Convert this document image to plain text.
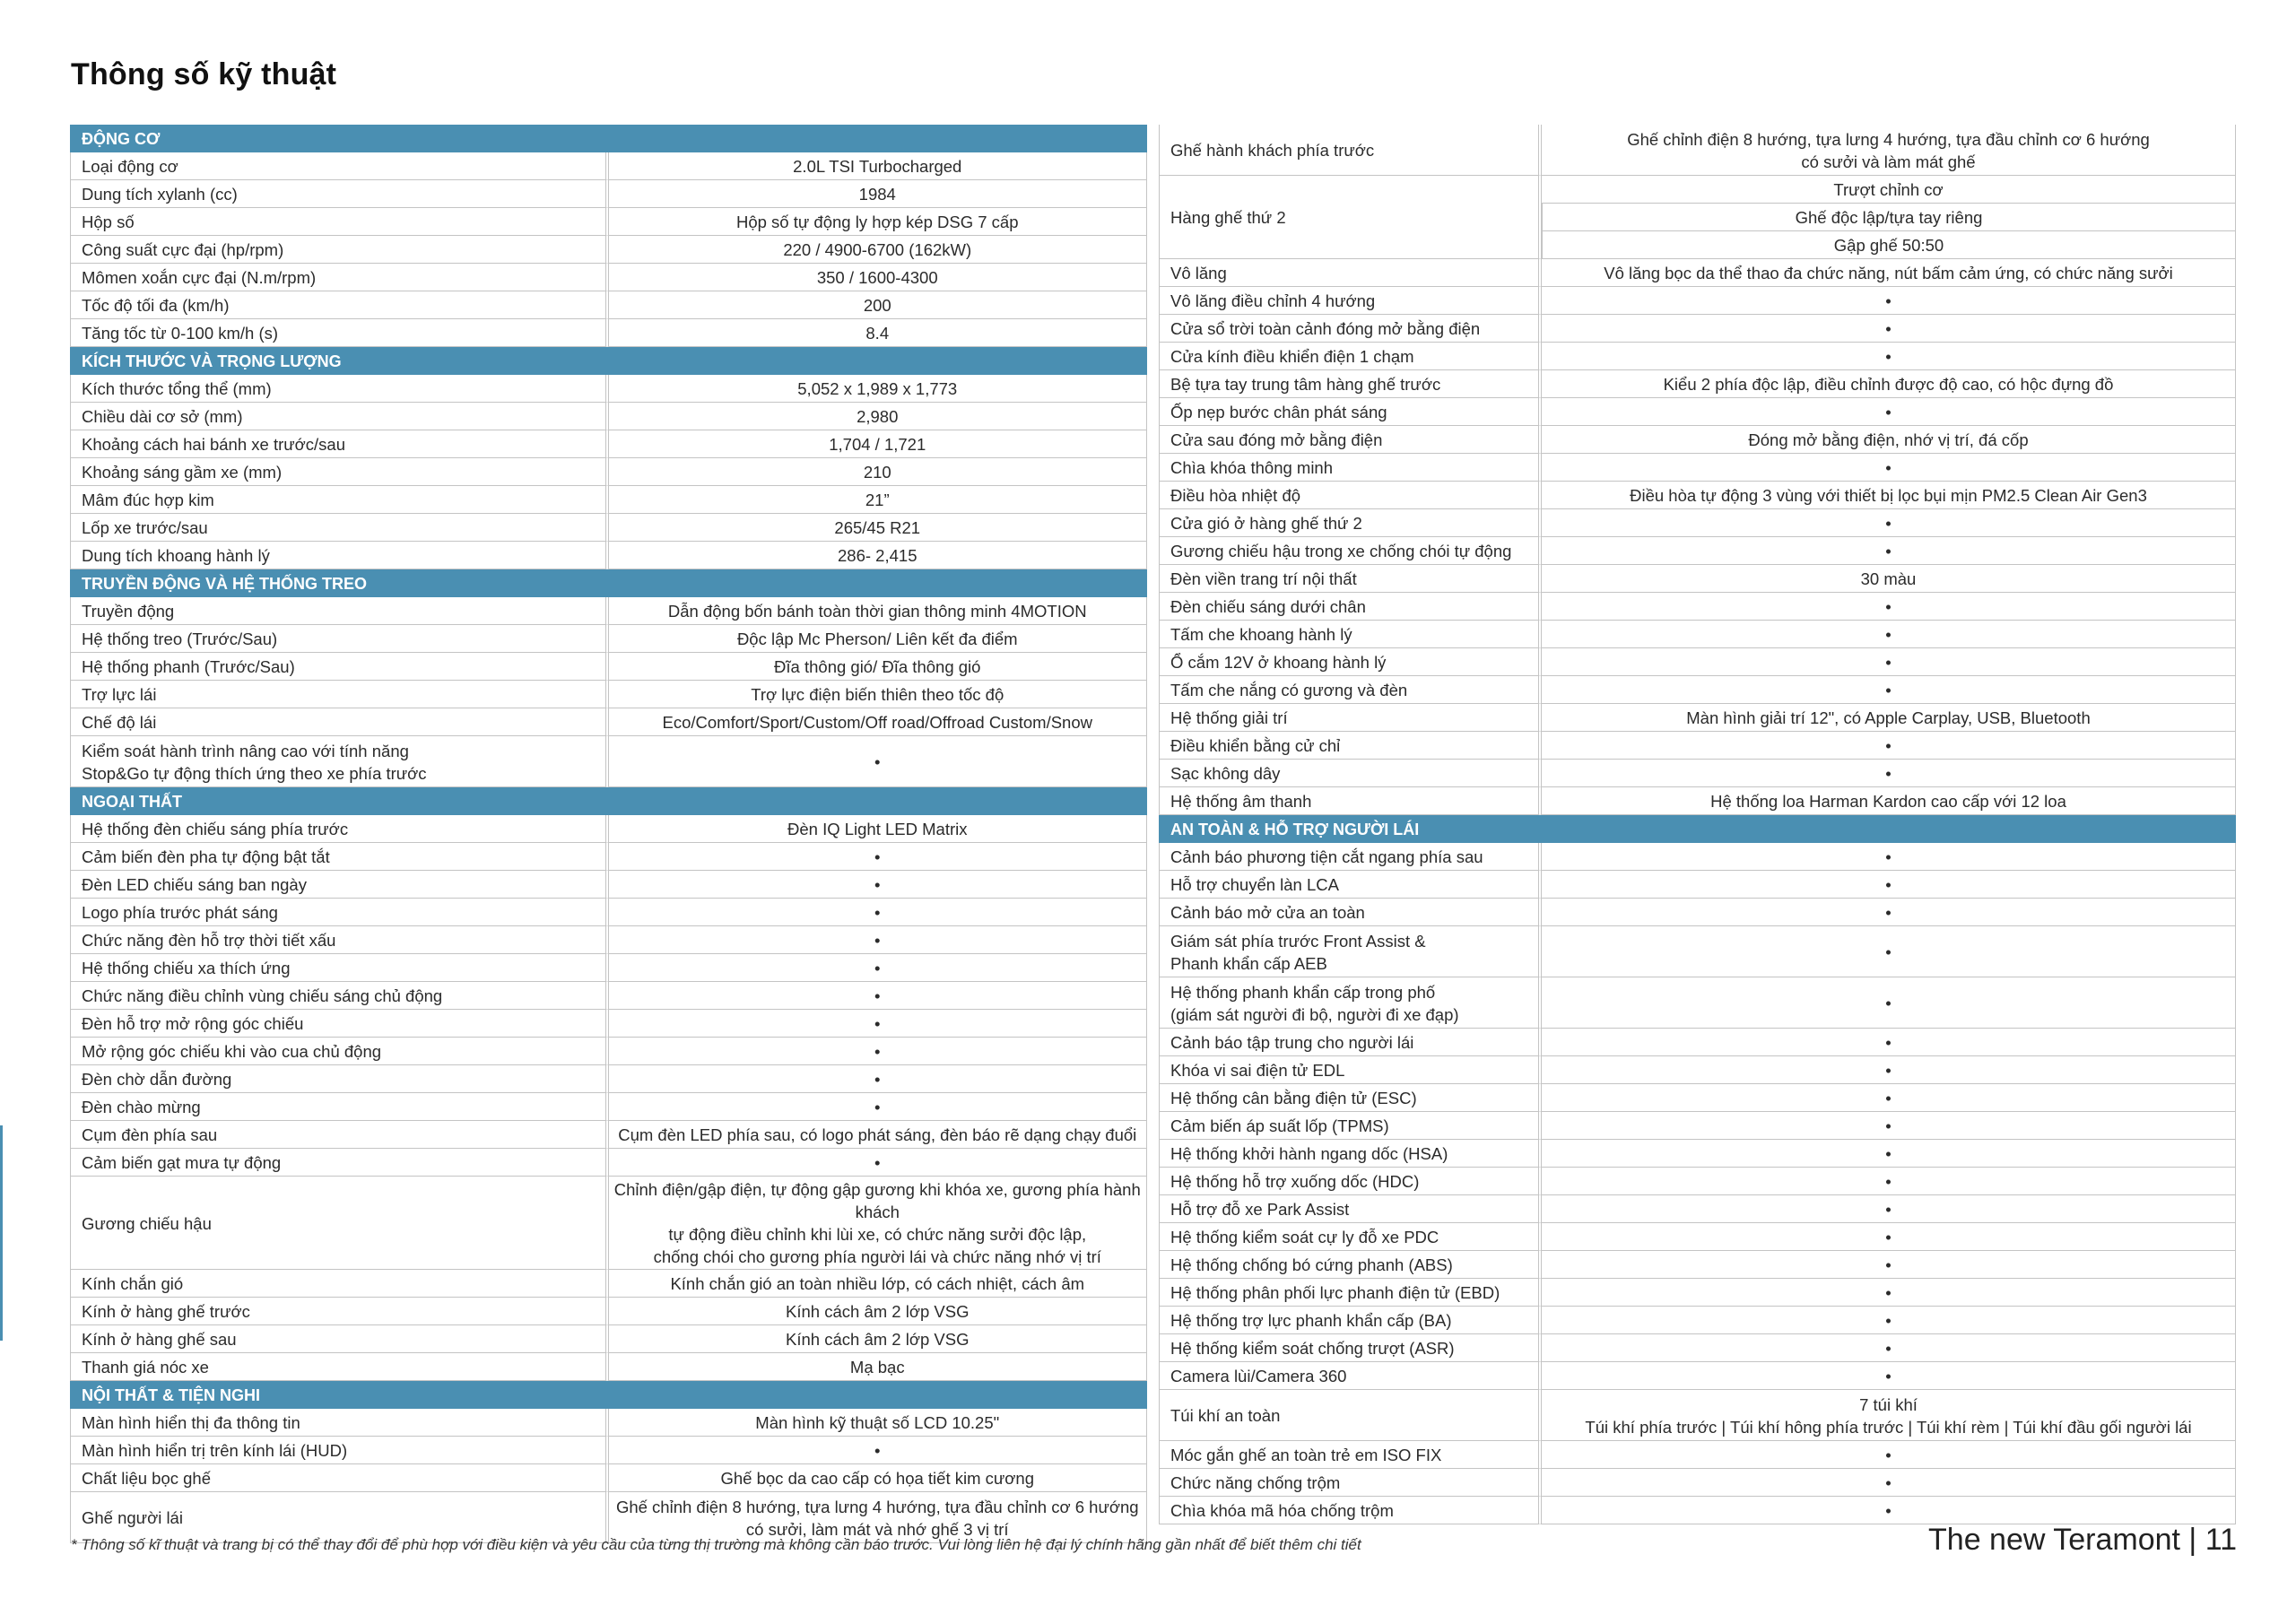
Thông số kỹ thuật
ĐỘNG CƠ	
Loại động cơ	2.0L TSI Turbocharged
Dung tích xylanh (cc)	1984
Hộp số	Hộp số tự động ly hợp kép DSG 7 cấp
Công suất cực đại (hp/rpm)	220 / 4900-6700 (162kW)
Mômen xoắn cực đại (N.m/rpm)	350 / 1600-4300
Tốc độ tối đa (km/h)	200
Tăng tốc từ 0-100 km/h (s)	8.4
KÍCH THƯỚC VÀ TRỌNG LƯỢNG	
Kích thước tổng thể (mm)	5,052 x 1,989 x 1,773
Chiều dài cơ sở (mm)	2,980
Khoảng cách hai bánh xe trước/sau	1,704 / 1,721
Khoảng sáng gầm xe (mm)	210
Mâm đúc hợp kim	21”
Lốp xe trước/sau	265/45 R21
Dung tích khoang hành lý	286- 2,415
TRUYỀN ĐỘNG VÀ HỆ THỐNG TREO	
Truyền động	Dẫn động bốn bánh toàn thời gian thông minh 4MOTION
Hệ thống treo (Trước/Sau)	Độc lập Mc Pherson/ Liên kết đa điểm
Hệ thống phanh (Trước/Sau)	Đĩa thông gió/ Đĩa thông gió
Trợ lực lái	Trợ lực điện biến thiên theo tốc độ
Chế độ lái	Eco/Comfort/Sport/Custom/Off road/Offroad Custom/Snow
Kiểm soát hành trình nâng cao với tính năng
Stop&Go tự động thích ứng theo xe phía trước	•
NGOẠI THẤT	
Hệ thống đèn chiếu sáng phía trước	Đèn IQ Light LED Matrix
Cảm biến đèn pha tự động bật tắt	•
Đèn LED chiếu sáng ban ngày	•
Logo phía trước phát sáng	•
Chức năng đèn hỗ trợ thời tiết xấu	•
Hệ thống chiếu xa thích ứng	•
Chức năng điều chỉnh vùng chiếu sáng chủ động	•
Đèn hỗ trợ mở rộng góc chiếu	•
Mở rộng góc chiếu khi vào cua chủ động	•
Đèn chờ dẫn đường	•
Đèn chào mừng	•
Cụm đèn phía sau	Cụm đèn LED phía sau, có logo phát sáng, đèn báo rẽ dạng chạy đuổi
Cảm biến gạt mưa tự động	•
Gương chiếu hậu	Chỉnh điện/gập điện, tự động gập gương khi khóa xe, gương phía hành khách
tự động điều chỉnh khi lùi xe, có chức năng sưởi độc lập,
chống chói cho gương phía người lái và chức năng nhớ vị trí
Kính chắn gió	Kính chắn gió an toàn nhiều lớp, có cách nhiệt, cách âm
Kính ở hàng ghế trước	Kính cách âm 2 lớp VSG
Kính ở hàng ghế sau	Kính cách âm 2 lớp VSG
Thanh giá nóc xe	Mạ bạc
NỘI THẤT & TIỆN NGHI	
Màn hình hiển thị đa thông tin	Màn hình kỹ thuật số LCD 10.25"
Màn hình hiển trị trên kính lái (HUD)	•
Chất liệu bọc ghế	Ghế bọc da cao cấp có họa tiết kim cương
Ghế người lái	Ghế chỉnh điện 8 hướng, tựa lưng 4 hướng, tựa đầu chỉnh cơ 6 hướng
có sưởi, làm mát và nhớ ghế 3 vị trí
Ghế hành khách phía trước	Ghế chỉnh điện 8 hướng, tựa lưng 4 hướng, tựa đầu chỉnh cơ 6 hướng
có sưởi và làm mát ghế
Hàng ghế thứ 2	Trượt chỉnh cơ
	Ghế độc lập/tựa tay riêng
	Gập ghế 50:50
Vô lăng	Vô lăng bọc da thể thao đa chức năng, nút bấm cảm ứng, có chức năng sưởi
Vô lăng điều chỉnh 4 hướng	•
Cửa sổ trời toàn cảnh đóng mở bằng điện	•
Cửa kính điều khiển điện 1 chạm	•
Bệ tựa tay trung tâm hàng ghế trước	Kiểu 2 phía độc lập, điều chỉnh được độ cao, có hộc đựng đồ
Ốp nẹp bước chân phát sáng	•
Cửa sau đóng mở bằng điện	Đóng mở bằng điện, nhớ vị trí, đá cốp
Chìa khóa thông minh	•
Điều hòa nhiệt độ	Điều hòa tự động 3 vùng với thiết bị lọc bụi mịn PM2.5 Clean Air Gen3
Cửa gió ở hàng ghế thứ 2	•
Gương chiếu hậu trong xe chống chói tự động	•
Đèn viền trang trí nội thất	30 màu
Đèn chiếu sáng dưới chân	•
Tấm che khoang hành lý	•
Ổ cắm 12V ở khoang hành lý	•
Tấm che nắng có gương và đèn	•
Hệ thống giải trí	Màn hình giải trí 12", có Apple Carplay, USB, Bluetooth
Điều khiển bằng cử chỉ	•
Sạc không dây	•
Hệ thống âm thanh	Hệ thống loa Harman Kardon cao cấp với 12 loa
AN TOÀN & HỖ TRỢ NGƯỜI LÁI	
Cảnh báo phương tiện cắt ngang phía sau	•
Hỗ trợ chuyển làn LCA	•
Cảnh báo mở cửa an toàn	•
Giám sát phía trước Front Assist &
Phanh khẩn cấp AEB	•
Hệ thống phanh khẩn cấp trong phố
(giám sát người đi bộ, người đi xe đạp)	•
Cảnh báo tập trung cho người lái	•
Khóa vi sai điện tử EDL	•
Hệ thống cân bằng điện tử (ESC)	•
Cảm biến áp suất lốp (TPMS)	•
Hệ thống khởi hành ngang dốc (HSA)	•
Hệ thống hỗ trợ xuống dốc (HDC)	•
Hỗ trợ đỗ xe Park Assist	•
Hệ thống kiểm soát cự ly đỗ xe PDC	•
Hệ thống chống bó cứng phanh (ABS)	•
Hệ thống phân phối lực phanh điện tử (EBD)	•
Hệ thống trợ lực phanh khẩn cấp (BA)	•
Hệ thống kiểm soát chống trượt (ASR)	•
Camera lùi/Camera 360	•
Túi khí an toàn	7 túi khí
Túi khí phía trước | Túi khí hông phía trước | Túi khí rèm | Túi khí đầu gối người lái
Móc gắn ghế an toàn trẻ em ISO FIX	•
Chức năng chống trộm	•
Chìa khóa mã hóa chống trộm	•
* Thông số kĩ thuật và trang bị có thể thay đổi để phù hợp với điều kiện và yêu cầu của từng thị trường mà không cần báo trước. Vui lòng liên hệ đại lý chính hãng gần nhất để biết thêm chi tiết	The new Teramont | 11
